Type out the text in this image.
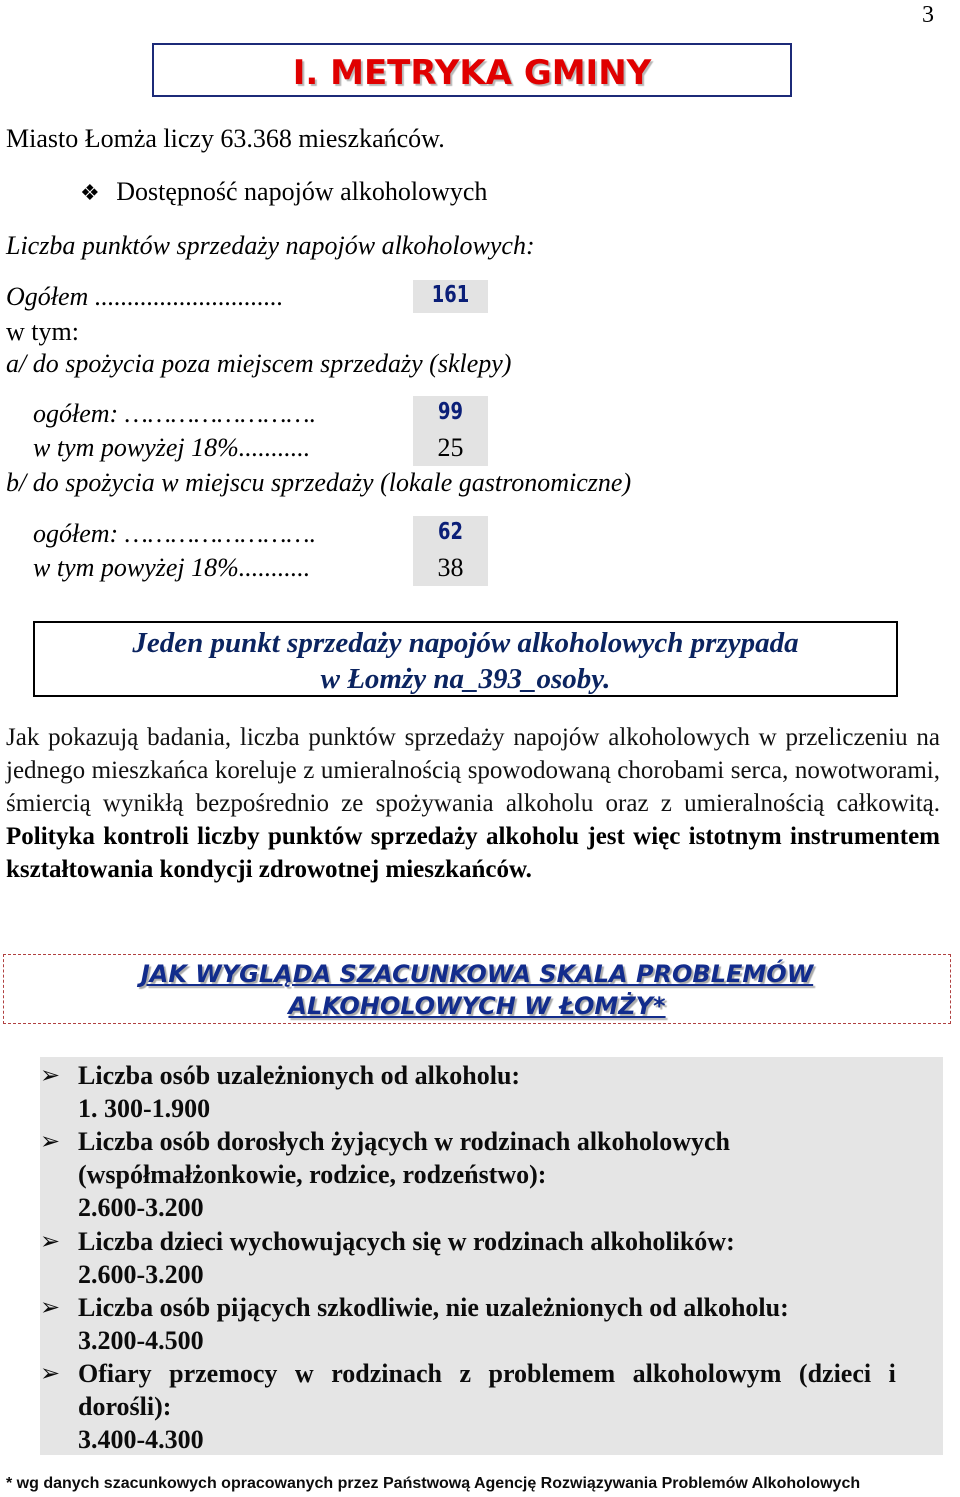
3
I. METRYKA GMINY
Miasto Łomża liczy 63.368 mieszkańców.
❖ Dostępność napojów alkoholowych
Liczba punktów sprzedaży napojów alkoholowych:
Ogółem .............................	161
w tym:
a/ do spożycia poza miejscem sprzedaży (sklepy)
ogółem: …………………….	99
w tym powyżej 18%...........	25
b/ do spożycia w miejscu sprzedaży (lokale gastronomiczne)
ogółem: …………………….	62
w tym powyżej 18%...........	38
Jeden punkt sprzedaży napojów alkoholowych przypada
w Łomży na_393_osoby.
Jak pokazują badania, liczba punktów sprzedaży napojów alkoholowych w przeliczeniu na jednego mieszkańca koreluje z umieralnością spowodowaną chorobami serca, nowotworami, śmiercią wynikłą bezpośrednio ze spożywania alkoholu oraz z umieralnością całkowitą. Polityka kontroli liczby punktów sprzedaży alkoholu jest więc istotnym instrumentem kształtowania kondycji zdrowotnej mieszkańców.
JAK WYGLĄDA SZACUNKOWA SKALA PROBLEMÓW
ALKOHOLOWYCH W ŁOMŻY*
➢ Liczba osób uzależnionych od alkoholu:
1. 300-1.900
➢ Liczba osób dorosłych żyjących w rodzinach alkoholowych
(współmałżonkowie, rodzice, rodzeństwo):
2.600-3.200
➢ Liczba dzieci wychowujących się w rodzinach alkoholików:
2.600-3.200
➢ Liczba osób pijących szkodliwie, nie uzależnionych od alkoholu:
3.200-4.500
➢ Ofiary przemocy w rodzinach z problemem alkoholowym (dzieci i
dorośli):
3.400-4.300
* wg danych szacunkowych opracowanych przez Państwową Agencję Rozwiązywania Problemów Alkoholowych
